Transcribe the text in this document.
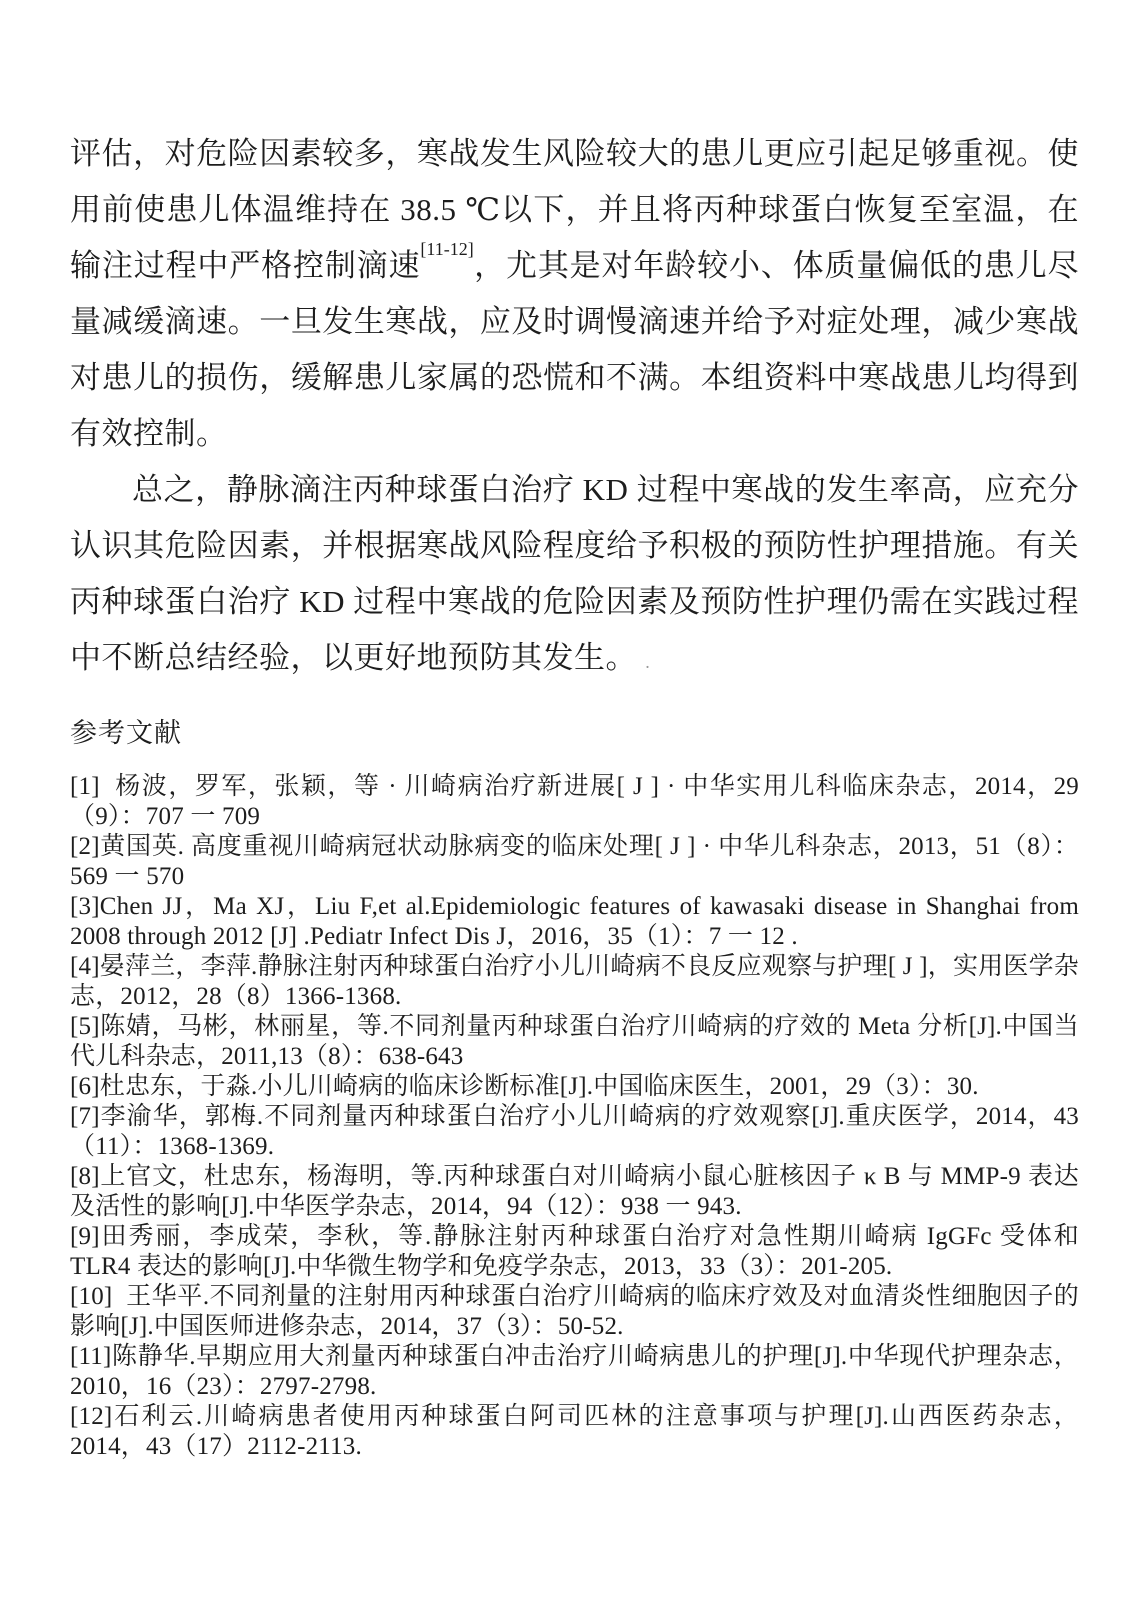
评估，对危险因素较多，寒战发生风险较大的患儿更应引起足够重视。使用前使患儿体温维持在 38.5 ℃以下，并且将丙种球蛋白恢复至室温，在输注过程中严格控制滴速[11-12]，尤其是对年龄较小、体质量偏低的患儿尽量减缓滴速。一旦发生寒战，应及时调慢滴速并给予对症处理，减少寒战对患儿的损伤，缓解患儿家属的恐慌和不满。本组资料中寒战患儿均得到有效控制。

总之，静脉滴注丙种球蛋白治疗 KD 过程中寒战的发生率高，应充分认识其危险因素，并根据寒战风险程度给予积极的预防性护理措施。有关丙种球蛋白治疗 KD 过程中寒战的危险因素及预防性护理仍需在实践过程中不断总结经验，以更好地预防其发生。 .

参考文献

[1]  杨波，罗军，张颖，等 · 川崎病治疗新进展[ J ] · 中华实用儿科临床杂志，2014，29（9）：707 一 709

[2]黄国英. 高度重视川崎病冠状动脉病变的临床处理[ J ] · 中华儿科杂志，2013，51（8）：569 一 570

[3]Chen JJ，Ma XJ，Liu F,et al.Epidemiologic features of kawasaki disease in Shanghai from 2008 through 2012 [J] .Pediatr Infect Dis J，2016，35（1）：7 一 12 .

[4]晏萍兰，李萍.静脉注射丙种球蛋白治疗小儿川崎病不良反应观察与护理[ J ]，实用医学杂志，2012，28（8）1366-1368.

[5]陈婧，马彬，林丽星，等.不同剂量丙种球蛋白治疗川崎病的疗效的 Meta 分析[J].中国当代儿科杂志，2011,13（8）：638-643

[6]杜忠东，于淼.小儿川崎病的临床诊断标准[J].中国临床医生，2001，29（3）：30.

[7]李渝华，郭梅.不同剂量丙种球蛋白治疗小儿川崎病的疗效观察[J].重庆医学，2014，43（11）：1368-1369.

[8]上官文，杜忠东，杨海明，等.丙种球蛋白对川崎病小鼠心脏核因子 κ B 与 MMP-9 表达及活性的影响[J].中华医学杂志，2014，94（12）：938 一 943.

[9]田秀丽，李成荣，李秋，等.静脉注射丙种球蛋白治疗对急性期川崎病 IgGFc 受体和 TLR4 表达的影响[J].中华微生物学和免疫学杂志，2013，33（3）：201-205.

[10]  王华平.不同剂量的注射用丙种球蛋白治疗川崎病的临床疗效及对血清炎性细胞因子的影响[J].中国医师进修杂志，2014，37（3）：50-52.

[11]陈静华.早期应用大剂量丙种球蛋白冲击治疗川崎病患儿的护理[J].中华现代护理杂志，2010，16（23）：2797-2798.

[12]石利云.川崎病患者使用丙种球蛋白阿司匹林的注意事项与护理[J].山西医药杂志，2014，43（17）2112-2113.
